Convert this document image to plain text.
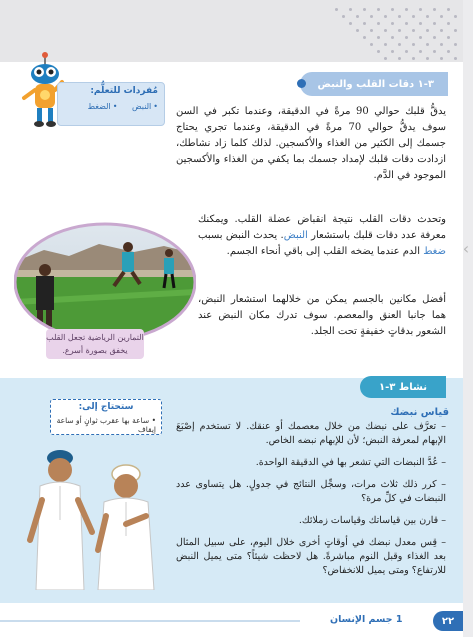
‹
مُفردات للتعلُّم:
•النبض •الضغط
٣-١ دقات القلب والنبض
يدقُّ قلبك حوالي 90 مرةً في الدقيقة، وعندما تكبر في السن سوف يدقُّ حوالي 70 مرةً في الدقيقة، وعندما تجري يحتاج جسمك إلى الكثير من الغذاء والأكسجين. لذلك كلما زاد نشاطك، ازدادت دقات قلبك لإمداد جسمك بما يكفي من الغذاء والأكسجين الموجود في الدَّم.
وتحدث دقات القلب نتيجة انقباض عضلة القلب. ويمكنك معرفة عدد دقات قلبك باستشعار النبض. يحدث النبض بسبب ضغط الدم عندما يضخه القلب إلى باقي أنحاء الجسم.
أفضل مكانين بالجسم يمكن من خلالهما استشعار النبض، هما جانبا العنق والمعصم. سوف تدرك مكان النبض عند الشعور بدقاتٍ خفيفةٍ تحت الجلد.
التمارين الرياضية تجعل القلب يخفق بصورة أسرع.
نشاط ٣-١
ستحتاج إلى:
• ساعة بها عقرب ثوانٍ أو ساعة إيقاف
قياس نبضك
– تعرَّف على نبضك من خلال معصمك أو عنقك. لا تستخدم إصْبَعَ الإبهام لمعرفة النبض؛ لأن للإبهام نبضه الخاص.
– عُدَّ النبضات التي تشعر بها في الدقيقة الواحدة.
– كرر ذلك ثلاث مرات، وسجِّل النتائج في جدولٍ. هل يتساوى عدد النبضات في كلِّ مرة؟
– قارن بين قياساتك وقياسات زملائك.
– قِس معدل نبضك في أوقاتٍ أخرى خلال اليوم، على سبيل المثال بعد الغذاء وقبل النوم مباشرةً. هل لاحظت شيئاً؟ متى يميل النبض للارتفاع؟ ومتى يميل للانخفاض؟
1 جسم الإنسان	٢٢
